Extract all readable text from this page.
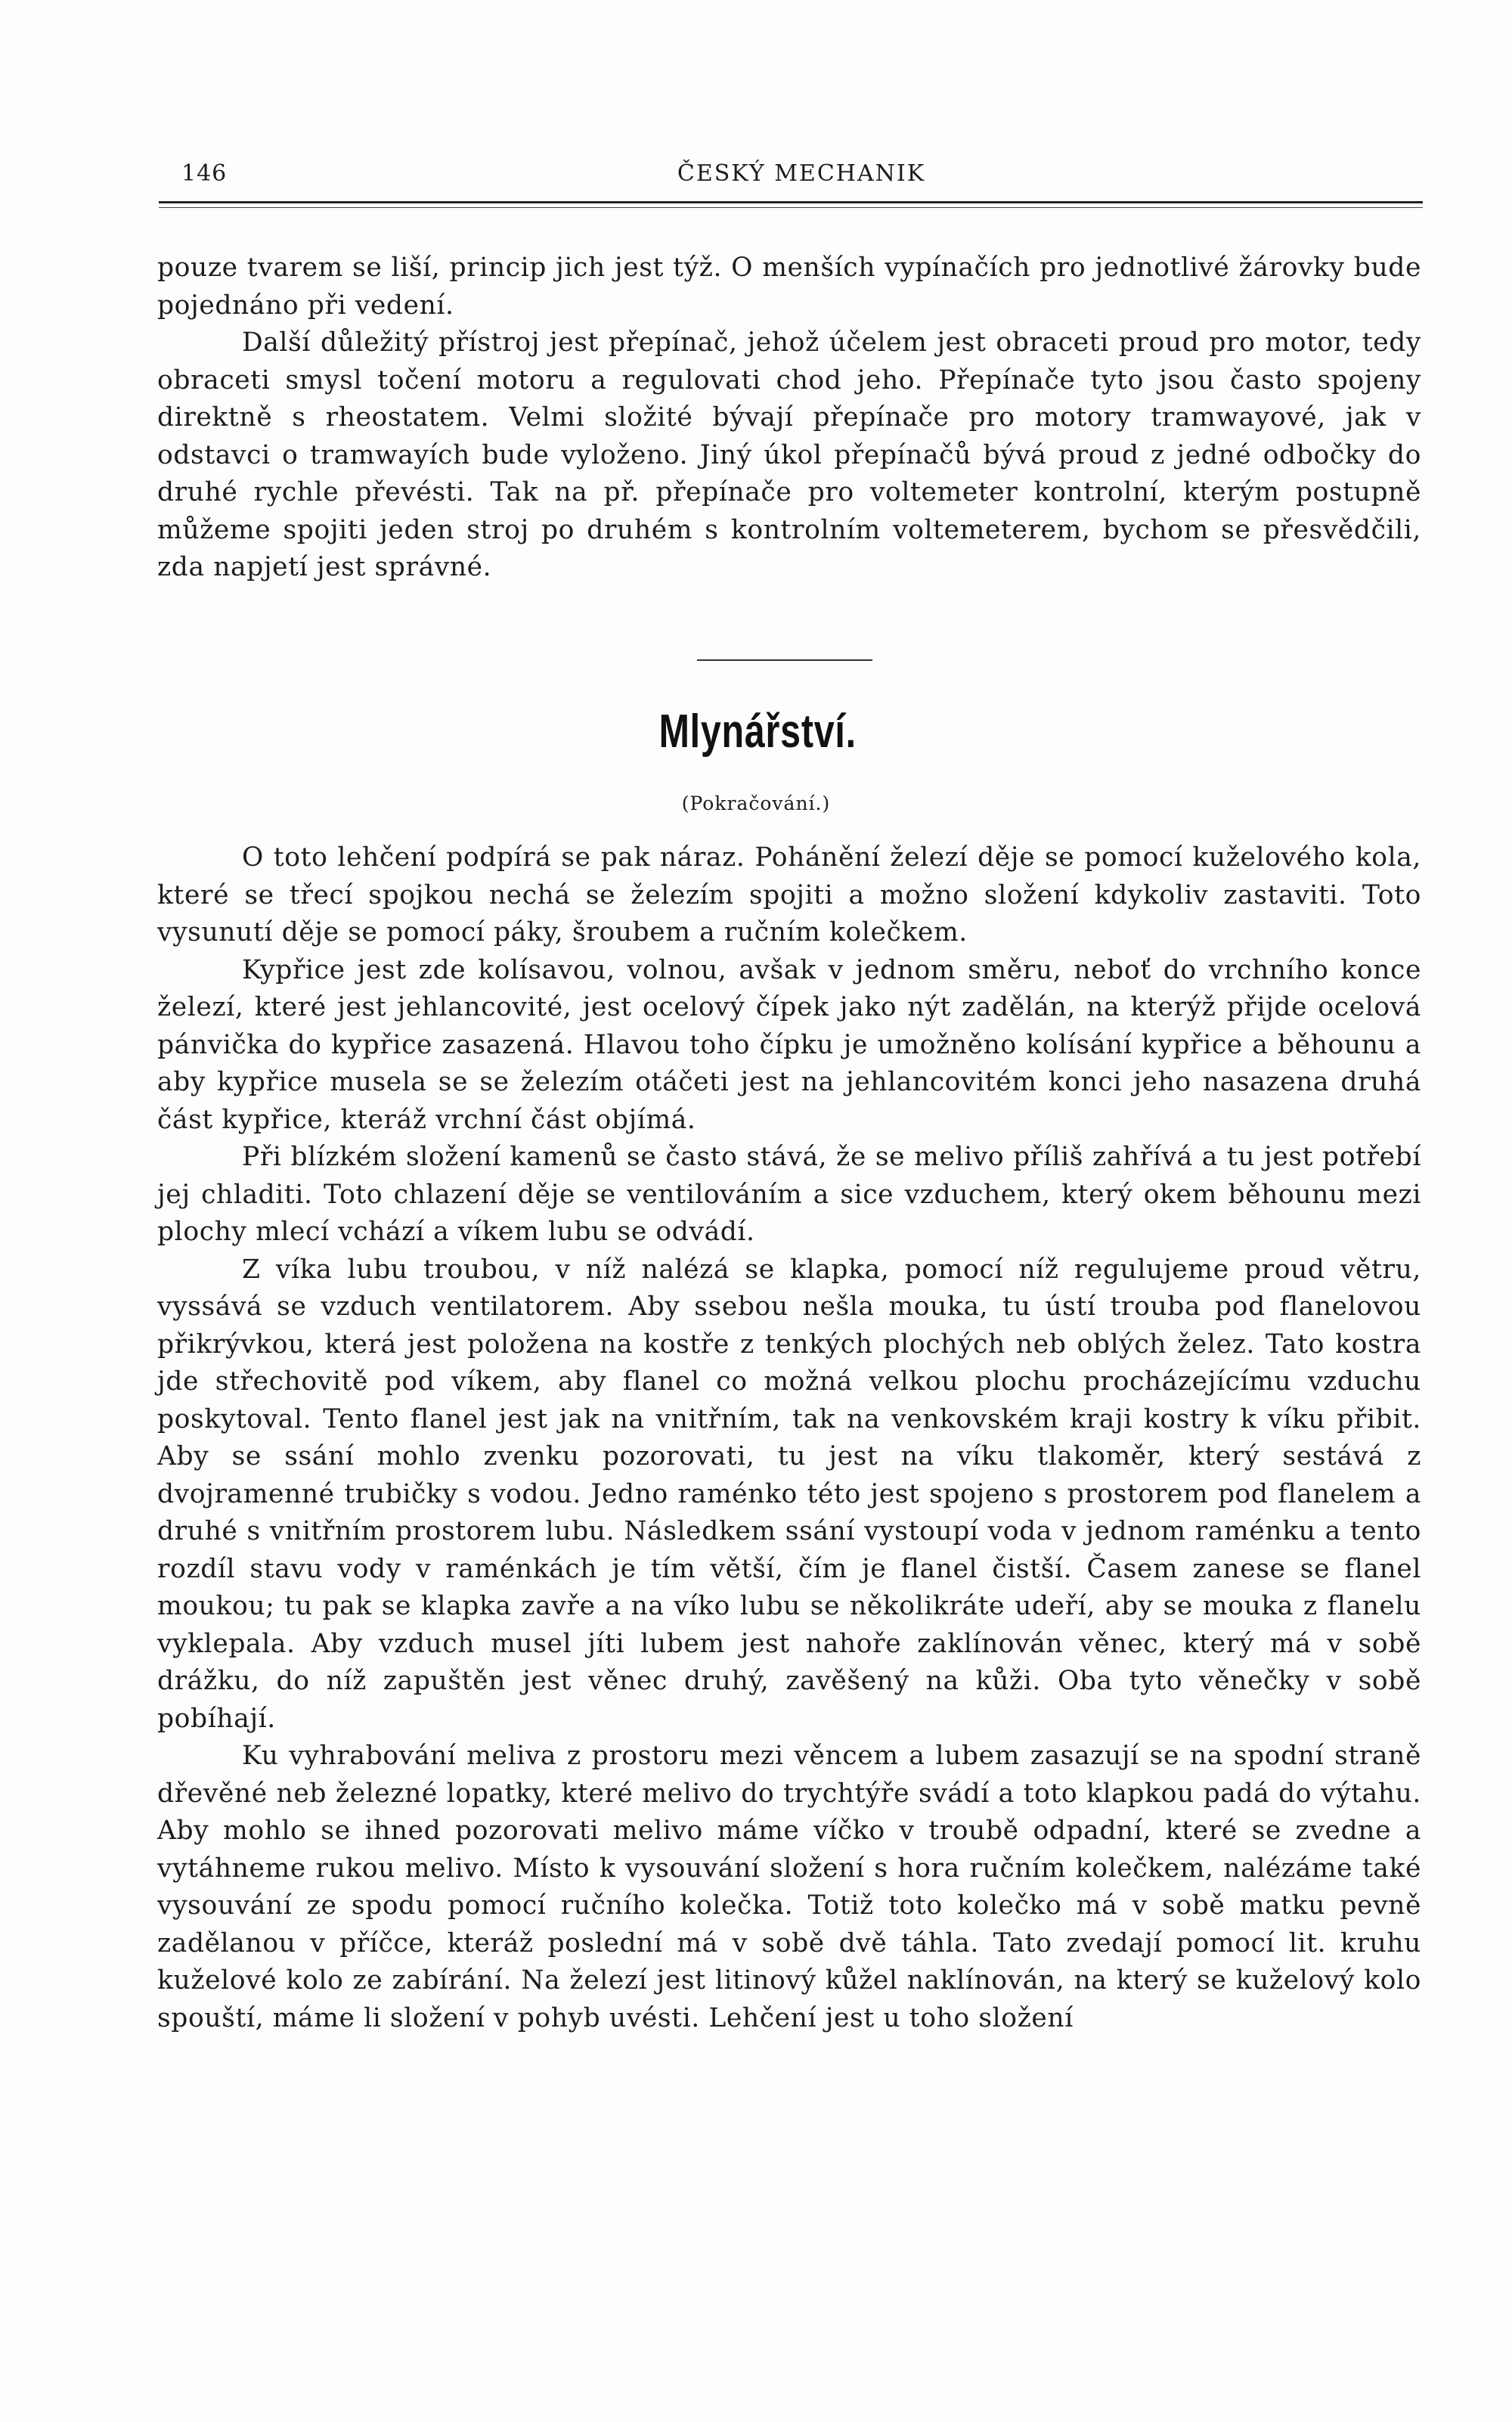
146	ČESKÝ MECHANIK

pouze tvarem se liší, princip jich jest týž. O menších vypínačích pro jednotlivé žárovky bude pojednáno při vedení.

Další důležitý přístroj jest přepínač, jehož účelem jest obraceti proud pro motor, tedy obraceti smysl točení motoru a regulovati chod jeho. Přepínače tyto jsou často spojeny direktně s rheostatem. Velmi složité bývají přepínače pro motory tramwayové, jak v odstavci o tramwayích bude vyloženo. Jiný úkol přepínačů bývá proud z jedné odbočky do druhé rychle převésti. Tak na př. přepínače pro voltemeter kontrolní, kterým postupně můžeme spojiti jeden stroj po druhém s kontrolním voltemeterem, bychom se přesvědčili, zda napjetí jest správné.

Mlynářství.
(Pokračování.)

O toto lehčení podpírá se pak náraz. Pohánění železí děje se pomocí kuželového kola, které se třecí spojkou nechá se železím spojiti a možno složení kdykoliv zastaviti. Toto vysunutí děje se pomocí páky, šroubem a ručním kolečkem.

Kypřice jest zde kolísavou, volnou, avšak v jednom směru, neboť do vrchního konce železí, které jest jehlancovité, jest ocelový čípek jako nýt zadělán, na kterýž přijde ocelová pánvička do kypřice zasazená. Hlavou toho čípku je umožněno kolísání kypřice a běhounu a aby kypřice musela se se železím otáčeti jest na jehlancovitém konci jeho nasazena druhá část kypřice, kteráž vrchní část objímá.

Při blízkém složení kamenů se často stává, že se melivo příliš zahřívá a tu jest potřebí jej chladiti. Toto chlazení děje se ventilováním a sice vzduchem, který okem běhounu mezi plochy mlecí vchází a víkem lubu se odvádí.

Z víka lubu troubou, v níž nalézá se klapka, pomocí níž regulujeme proud větru, vyssává se vzduch ventilatorem. Aby ssebou nešla mouka, tu ústí trouba pod flanelovou přikrývkou, která jest položena na kostře z tenkých plochých neb oblých želez. Tato kostra jde střechovitě pod víkem, aby flanel co možná velkou plochu procházejícímu vzduchu poskytoval. Tento flanel jest jak na vnitřním, tak na venkovském kraji kostry k víku přibit. Aby se ssání mohlo zvenku pozorovati, tu jest na víku tlakoměr, který sestává z dvojramenné trubičky s vodou. Jedno raménko této jest spojeno s prostorem pod flanelem a druhé s vnitřním prostorem lubu. Následkem ssání vystoupí voda v jednom raménku a tento rozdíl stavu vody v raménkách je tím větší, čím je flanel čistší. Časem zanese se flanel moukou; tu pak se klapka zavře a na víko lubu se několikráte udeří, aby se mouka z flanelu vyklepala. Aby vzduch musel jíti lubem jest nahoře zaklínován věnec, který má v sobě drážku, do níž zapuštěn jest věnec druhý, zavěšený na kůži. Oba tyto věnečky v sobě pobíhají.

Ku vyhrabování meliva z prostoru mezi věncem a lubem zasazují se na spodní straně dřevěné neb železné lopatky, které melivo do trychtýře svádí a toto klapkou padá do výtahu. Aby mohlo se ihned pozorovati melivo máme víčko v troubě odpadní, které se zvedne a vytáhneme rukou melivo. Místo k vysouvání složení s hora ručním kolečkem, nalézáme také vysouvání ze spodu pomocí ručního kolečka. Totiž toto kolečko má v sobě matku pevně zadělanou v příčce, kteráž poslední má v sobě dvě táhla. Tato zvedají pomocí lit. kruhu kuželové kolo ze zabírání. Na železí jest litinový kůžel naklínován, na který se kuželový kolo spouští, máme li složení v pohyb uvésti. Lehčení jest u toho složení
